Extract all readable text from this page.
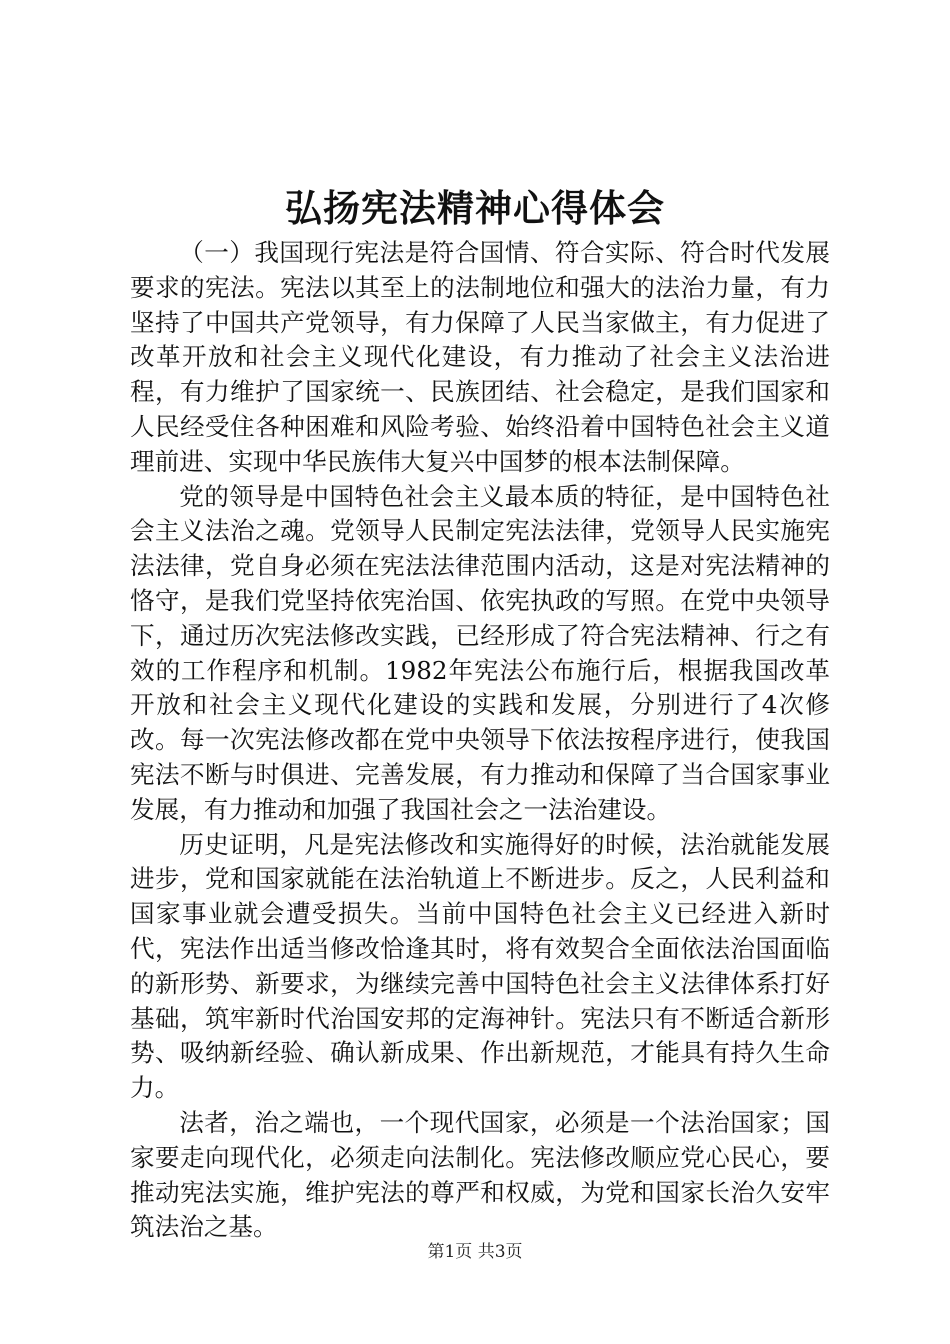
弘扬宪法精神心得体会

（一）我国现行宪法是符合国情、符合实际、符合时代发展要求的宪法。宪法以其至上的法制地位和强大的法治力量，有力坚持了中国共产党领导，有力保障了人民当家做主，有力促进了改革开放和社会主义现代化建设，有力推动了社会主义法治进程，有力维护了国家统一、民族团结、社会稳定，是我们国家和人民经受住各种困难和风险考验、始终沿着中国特色社会主义道理前进、实现中华民族伟大复兴中国梦的根本法制保障。

党的领导是中国特色社会主义最本质的特征，是中国特色社会主义法治之魂。党领导人民制定宪法法律，党领导人民实施宪法法律，党自身必须在宪法法律范围内活动，这是对宪法精神的恪守，是我们党坚持依宪治国、依宪执政的写照。在党中央领导下，通过历次宪法修改实践，已经形成了符合宪法精神、行之有效的工作程序和机制。1982年宪法公布施行后，根据我国改革开放和社会主义现代化建设的实践和发展，分别进行了4次修改。每一次宪法修改都在党中央领导下依法按程序进行，使我国宪法不断与时俱进、完善发展，有力推动和保障了当合国家事业发展，有力推动和加强了我国社会之一法治建设。

历史证明，凡是宪法修改和实施得好的时候，法治就能发展进步，党和国家就能在法治轨道上不断进步。反之，人民利益和国家事业就会遭受损失。当前中国特色社会主义已经进入新时代，宪法作出适当修改恰逢其时，将有效契合全面依法治国面临的新形势、新要求，为继续完善中国特色社会主义法律体系打好基础，筑牢新时代治国安邦的定海神针。宪法只有不断适合新形势、吸纳新经验、确认新成果、作出新规范，才能具有持久生命力。

法者，治之端也，一个现代国家，必须是一个法治国家；国家要走向现代化，必须走向法制化。宪法修改顺应党心民心，要推动宪法实施，维护宪法的尊严和权威，为党和国家长治久安牢筑法治之基。

第1页 共3页
